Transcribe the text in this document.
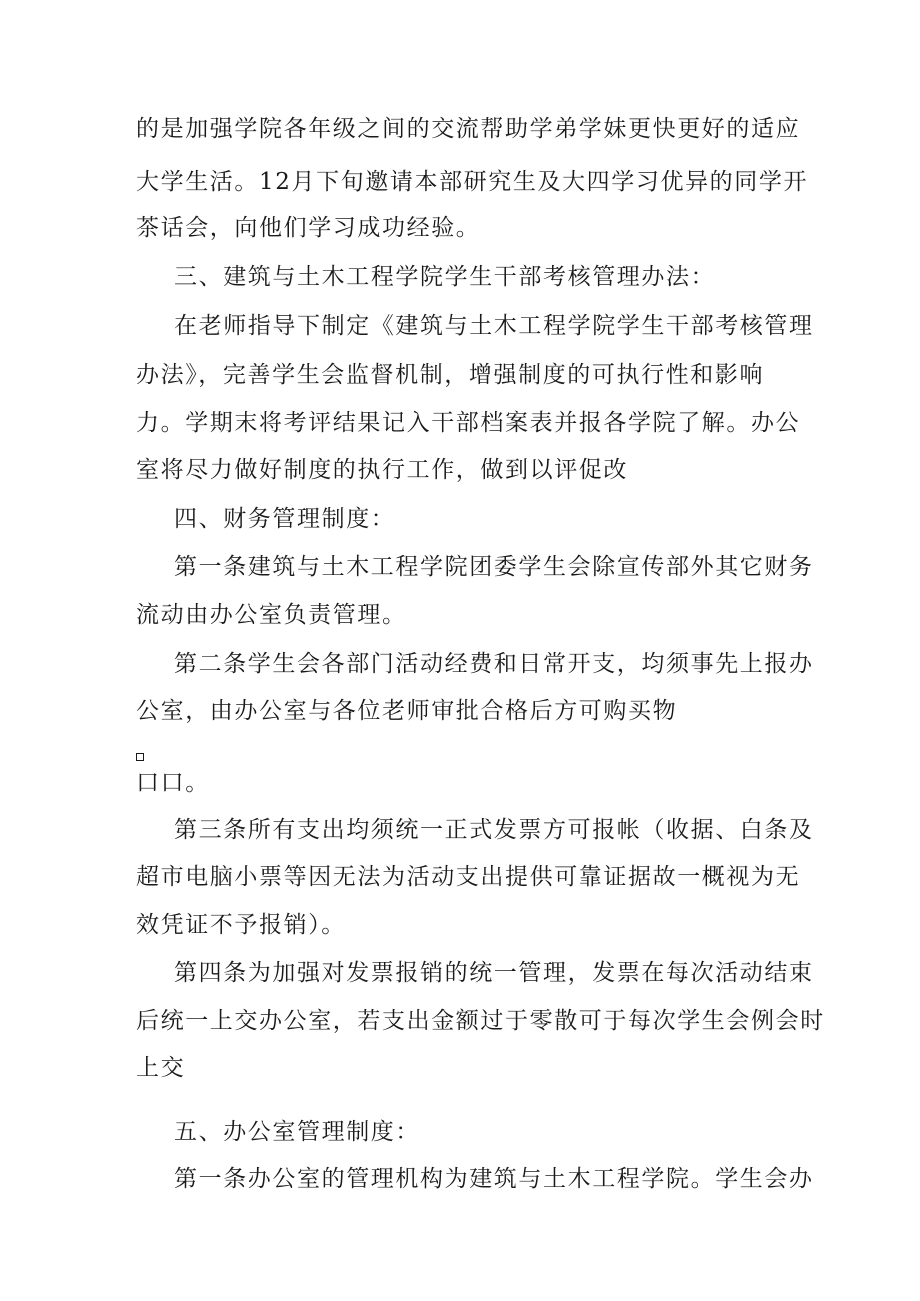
的是加强学院各年级之间的交流帮助学弟学妹更快更好的适应
大学生活。12月下旬邀请本部研究生及大四学习优异的同学开
茶话会，向他们学习成功经验。
三、建筑与土木工程学院学生干部考核管理办法：
在老师指导下制定《建筑与土木工程学院学生干部考核管理
办法》，完善学生会监督机制，增强制度的可执行性和影响
力。学期末将考评结果记入干部档案表并报各学院了解。办公
室将尽力做好制度的执行工作，做到以评促改
四、财务管理制度：
第一条建筑与土木工程学院团委学生会除宣传部外其它财务
流动由办公室负责管理。
第二条学生会各部门活动经费和日常开支，均须事先上报办
公室，由办公室与各位老师审批合格后方可购买物
口口。
第三条所有支出均须统一正式发票方可报帐（收据、白条及
超市电脑小票等因无法为活动支出提供可靠证据故一概视为无
效凭证不予报销）。
第四条为加强对发票报销的统一管理，发票在每次活动结束
后统一上交办公室，若支出金额过于零散可于每次学生会例会时
上交
五、办公室管理制度：
第一条办公室的管理机构为建筑与土木工程学院。学生会办
